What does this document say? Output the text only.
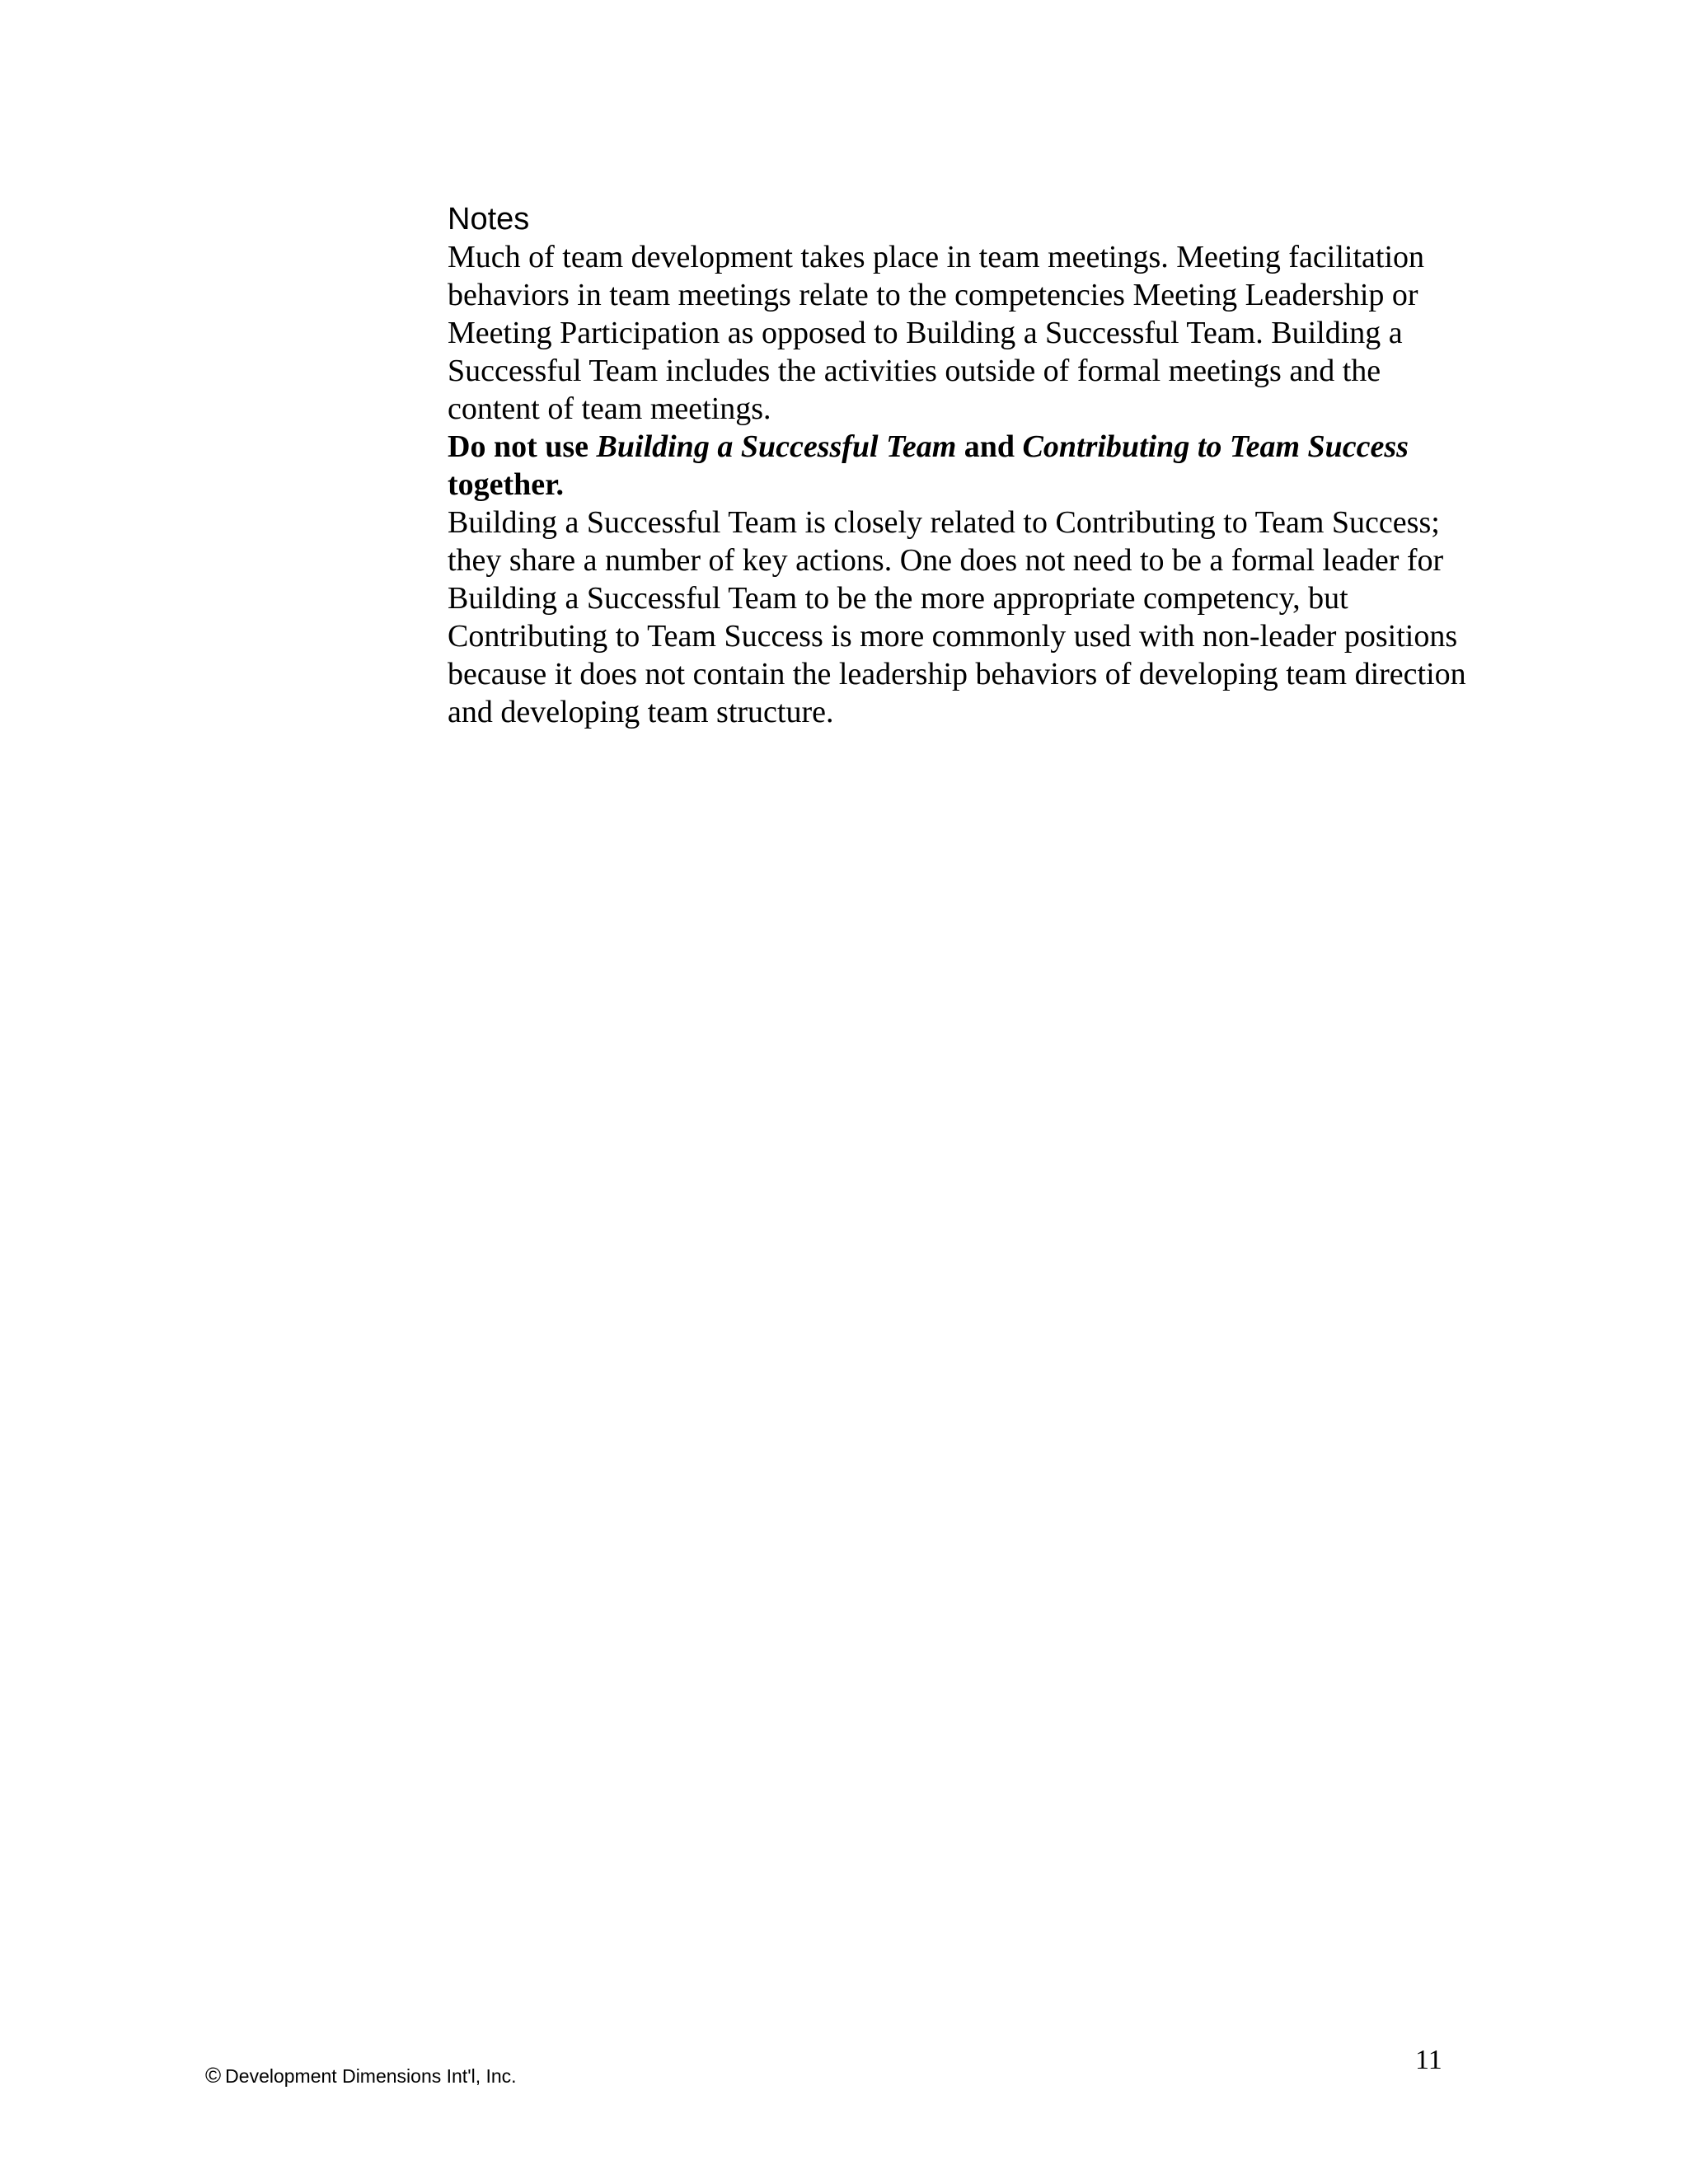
Notes

Much of team development takes place in team meetings. Meeting facilitation behaviors in team meetings relate to the competencies Meeting Leadership or Meeting Participation as opposed to Building a Successful Team. Building a Successful Team includes the activities outside of formal meetings and the content of team meetings.

Do not use Building a Successful Team and Contributing to Team Success
together.

Building a Successful Team is closely related to Contributing to Team Success; they share a number of key actions. One does not need to be a formal leader for Building a Successful Team to be the more appropriate competency, but Contributing to Team Success is more commonly used with non-leader positions because it does not contain the leadership behaviors of developing team direction and developing team structure.

© Development Dimensions Int'l, Inc.
11
